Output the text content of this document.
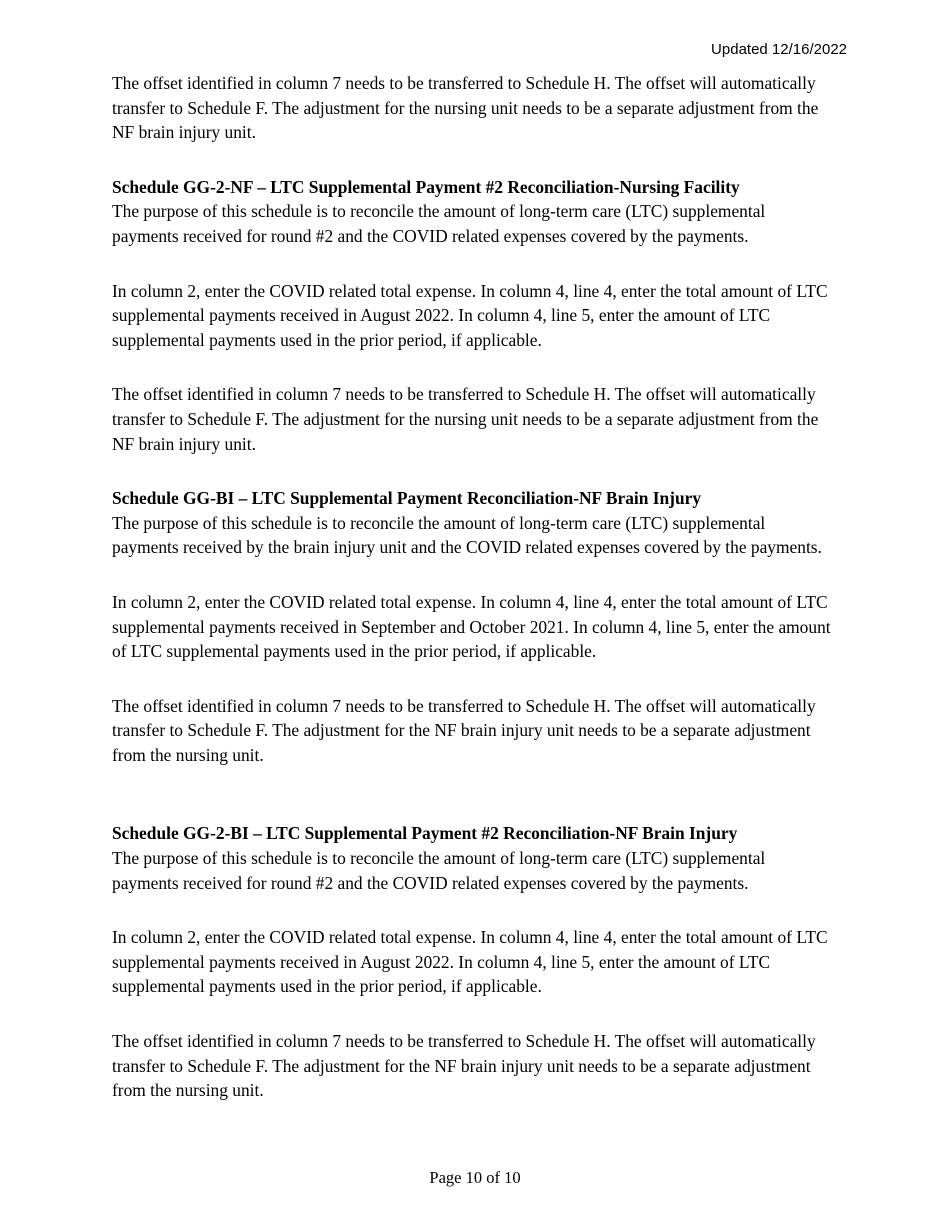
Updated 12/16/2022

The offset identified in column 7 needs to be transferred to Schedule H. The offset will automatically transfer to Schedule F. The adjustment for the nursing unit needs to be a separate adjustment from the NF brain injury unit.

Schedule GG-2-NF – LTC Supplemental Payment #2 Reconciliation-Nursing Facility

The purpose of this schedule is to reconcile the amount of long-term care (LTC) supplemental payments received for round #2 and the COVID related expenses covered by the payments.

In column 2, enter the COVID related total expense. In column 4, line 4, enter the total amount of LTC supplemental payments received in August 2022. In column 4, line 5, enter the amount of LTC supplemental payments used in the prior period, if applicable.

The offset identified in column 7 needs to be transferred to Schedule H. The offset will automatically transfer to Schedule F. The adjustment for the nursing unit needs to be a separate adjustment from the NF brain injury unit.

Schedule GG-BI – LTC Supplemental Payment Reconciliation-NF Brain Injury

The purpose of this schedule is to reconcile the amount of long-term care (LTC) supplemental payments received by the brain injury unit and the COVID related expenses covered by the payments.

In column 2, enter the COVID related total expense. In column 4, line 4, enter the total amount of LTC supplemental payments received in September and October 2021. In column 4, line 5, enter the amount of LTC supplemental payments used in the prior period, if applicable.

The offset identified in column 7 needs to be transferred to Schedule H. The offset will automatically transfer to Schedule F. The adjustment for the NF brain injury unit needs to be a separate adjustment from the nursing unit.

Schedule GG-2-BI – LTC Supplemental Payment #2 Reconciliation-NF Brain Injury

The purpose of this schedule is to reconcile the amount of long-term care (LTC) supplemental payments received for round #2 and the COVID related expenses covered by the payments.

In column 2, enter the COVID related total expense. In column 4, line 4, enter the total amount of LTC supplemental payments received in August 2022. In column 4, line 5, enter the amount of LTC supplemental payments used in the prior period, if applicable.

The offset identified in column 7 needs to be transferred to Schedule H. The offset will automatically transfer to Schedule F. The adjustment for the NF brain injury unit needs to be a separate adjustment from the nursing unit.

Page 10 of 10
